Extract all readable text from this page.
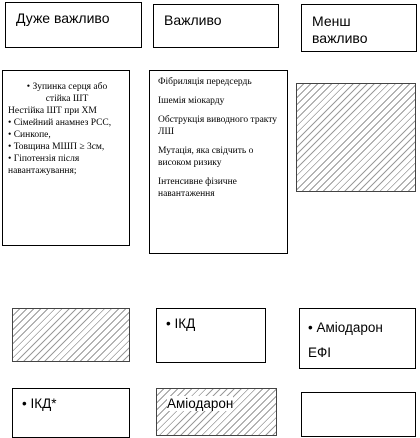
Дуже важливо	Важливо	Менш важливо

• Зупинка серця або стійка ШТ

Нестійка ШТ при ХМ

• Сімейний анамнез РСС,

• Синкопе,

• Товщина МШП ≥ 3см,

• Гіпотензія після навантажування;

Фібриляція передсердь

Ішемія міокарду

Обструкція виводного тракту ЛШ

Мутація, яка свідчить о високом ризику

Інтенсивне фізичне навантаження

• ІКД	• Аміодарон
ЕФІ
• ІКД*	Аміодарон
